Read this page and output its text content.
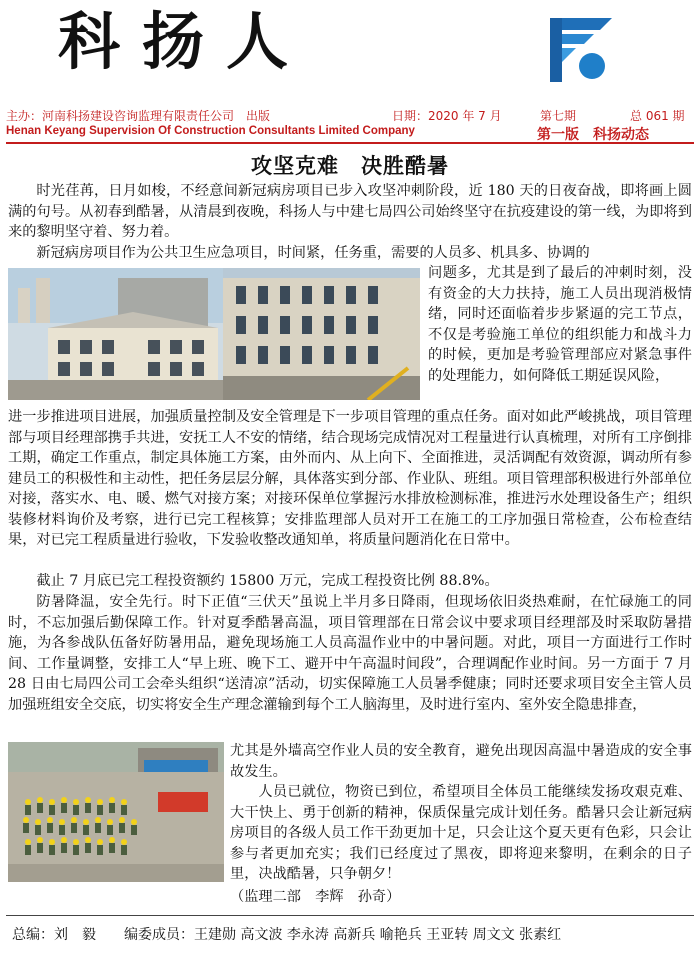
科扬人
主办：河南科扬建设咨询监理有限责任公司　出版	日期：2020 年 7 月	第七期	总 061 期
Henan Keyang Supervision Of Construction Consultants Limited Company	第一版　科扬动态
攻坚克难　决胜酷暑
时光荏苒，日月如梭，不经意间新冠病房项目已步入攻坚冲刺阶段，近 180 天的日夜奋战，即将画上圆满的句号。从初春到酷暑，从清晨到夜晚，科扬人与中建七局四公司始终坚守在抗疫建设的第一线，为即将到来的黎明坚守着、努力着。
新冠病房项目作为公共卫生应急项目，时间紧，任务重，需要的人员多、机具多、协调的
问题多，尤其是到了最后的冲刺时刻，没有资金的大力扶持，施工人员出现消极情绪，同时还面临着步步紧逼的完工节点，不仅是考验施工单位的组织能力和战斗力的时候，更加是考验管理部应对紧急事件的处理能力，如何降低工期延误风险，
进一步推进项目进展，加强质量控制及安全管理是下一步项目管理的重点任务。面对如此严峻挑战，项目管理部与项目经理部携手共进，安抚工人不安的情绪，结合现场完成情况对工程量进行认真梳理，对所有工序倒排工期，确定工作重点，制定具体施工方案，由外而内、从上向下、全面推进，灵活调配有效资源，调动所有参建员工的积极性和主动性，把任务层层分解，具体落实到分部、作业队、班组。项目管理部积极进行外部单位对接，落实水、电、暖、燃气对接方案；对接环保单位掌握污水排放检测标准，推进污水处理设备生产；组织装修材料询价及考察，进行已完工程核算；安排监理部人员对开工在施工的工序加强日常检查，公布检查结果，对已完工程质量进行验收，下发验收整改通知单，将质量问题消化在日常中。
截止 7 月底已完工程投资额约 15800 万元，完成工程投资比例 88.8%。
防暑降温，安全先行。时下正值“三伏天”虽说上半月多日降雨，但现场依旧炎热难耐，在忙碌施工的同时，不忘加强后勤保障工作。针对夏季酷暑高温，项目管理部在日常会议中要求项目经理部及时采取防暑措施，为各参战队伍备好防暑用品，避免现场施工人员高温作业中的中暑问题。对此，项目一方面进行工作时间、工作量调整，安排工人“早上班、晚下工、避开中午高温时间段”，合理调配作业时间。另一方面于 7 月 28 日由七局四公司工会牵头组织“送清凉”活动，切实保障施工人员暑季健康；同时还要求项目安全主管人员加强班组安全交底，切实将安全生产理念灌输到每个工人脑海里，及时进行室内、室外安全隐患排查，
尤其是外墙高空作业人员的安全教育，避免出现因高温中暑造成的安全事故发生。
人员已就位，物资已到位，希望项目全体员工能继续发扬攻艰克难、大干快上、勇于创新的精神，保质保量完成计划任务。酷暑只会让新冠病房项目的各级人员工作干劲更加十足，只会让这个夏天更有色彩，只会让参与者更加充实；我们已经度过了黑夜，即将迎来黎明，在剩余的日子里，决战酷暑，只争朝夕！
（监理二部　李辉　孙奇）
总编：刘　毅　　编委成员：王建勋 高文波 李永涛 高新兵 喻艳兵 王亚转 周文文 张素红
